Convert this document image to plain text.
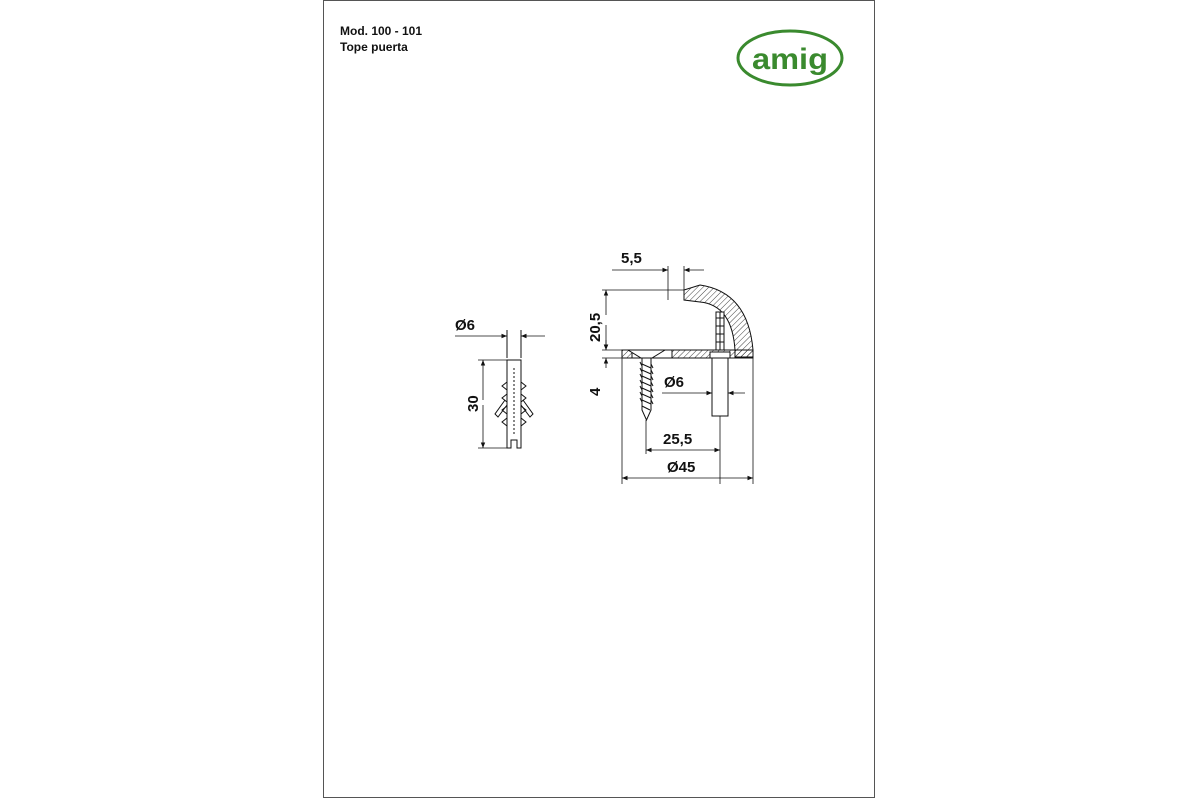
Mod. 100 - 101
Tope puerta	amig
Ø6
30
5,5
20,5
4
Ø6
25,5
Ø45
